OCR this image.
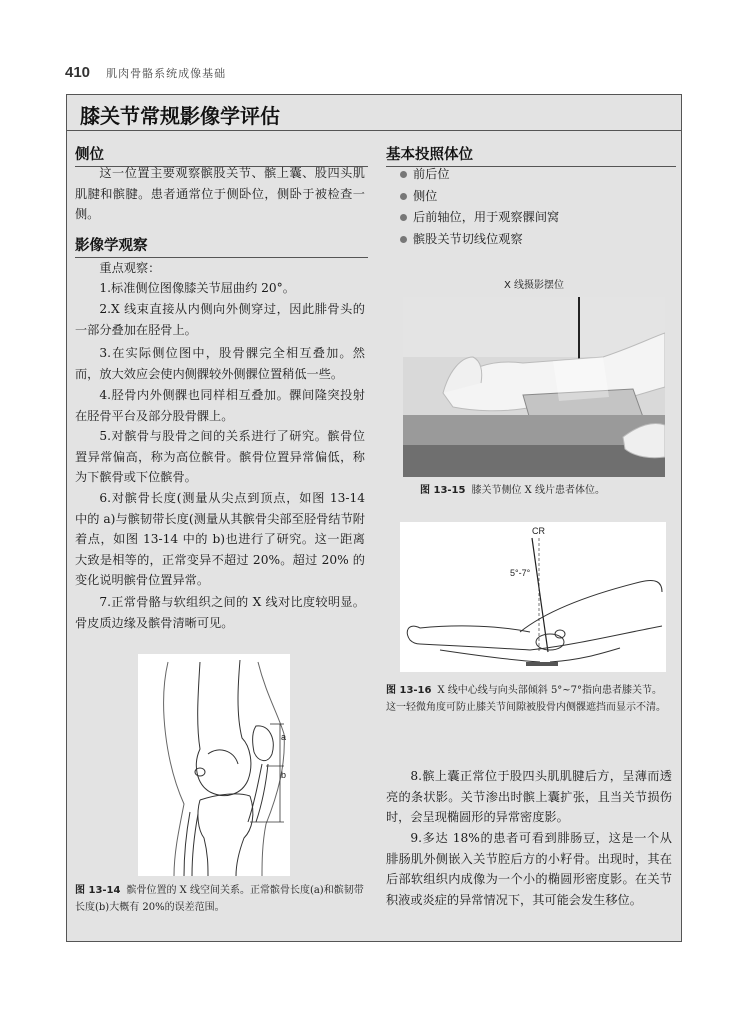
410 肌肉骨骼系统成像基础
膝关节常规影像学评估
侧位

这一位置主要观察髌股关节、髌上囊、股四头肌肌腱和髌腱。患者通常位于侧卧位，侧卧于被检查一侧。

影像学观察

重点观察：

1.标准侧位图像膝关节屈曲约 20°。

2.X 线束直接从内侧向外侧穿过，因此腓骨头的一部分叠加在胫骨上。

3.在实际侧位图中，股骨髁完全相互叠加。然而，放大效应会使内侧髁较外侧髁位置稍低一些。

4.胫骨内外侧髁也同样相互叠加。髁间隆突投射在胫骨平台及部分股骨髁上。

5.对髌骨与股骨之间的关系进行了研究。髌骨位置异常偏高，称为高位髌骨。髌骨位置异常偏低，称为下髌骨或下位髌骨。

6.对髌骨长度(测量从尖点到顶点，如图 13-14 中的 a)与髌韧带长度(测量从其髌骨尖部至胫骨结节附着点，如图 13-14 中的 b)也进行了研究。这一距离大致是相等的，正常变异不超过 20%。超过 20% 的变化说明髌骨位置异常。

7.正常骨骼与软组织之间的 X 线对比度较明显。骨皮质边缘及髌骨清晰可见。

a
b
图 13-14 髌骨位置的 X 线空间关系。正常髌骨长度(a)和髌韧带长度(b)大概有 20%的误差范围。
基本投照体位
前后位
侧位
后前轴位，用于观察髁间窝
髌股关节切线位观察
X 线摄影摆位
图 13-15 膝关节侧位 X 线片患者体位。
CR
5°-7°
图 13-16 X 线中心线与向头部倾斜 5°~7°指向患者膝关节。这一轻微角度可防止膝关节间隙被股骨内侧髁遮挡而显示不清。

8.髌上囊正常位于股四头肌肌腱后方，呈薄而透亮的条状影。关节渗出时髌上囊扩张，且当关节损伤时，会呈现椭圆形的异常密度影。

9.多达 18%的患者可看到腓肠豆，这是一个从腓肠肌外侧嵌入关节腔后方的小籽骨。出现时，其在后部软组织内成像为一个小的椭圆形密度影。在关节积液或炎症的异常情况下，其可能会发生移位。
